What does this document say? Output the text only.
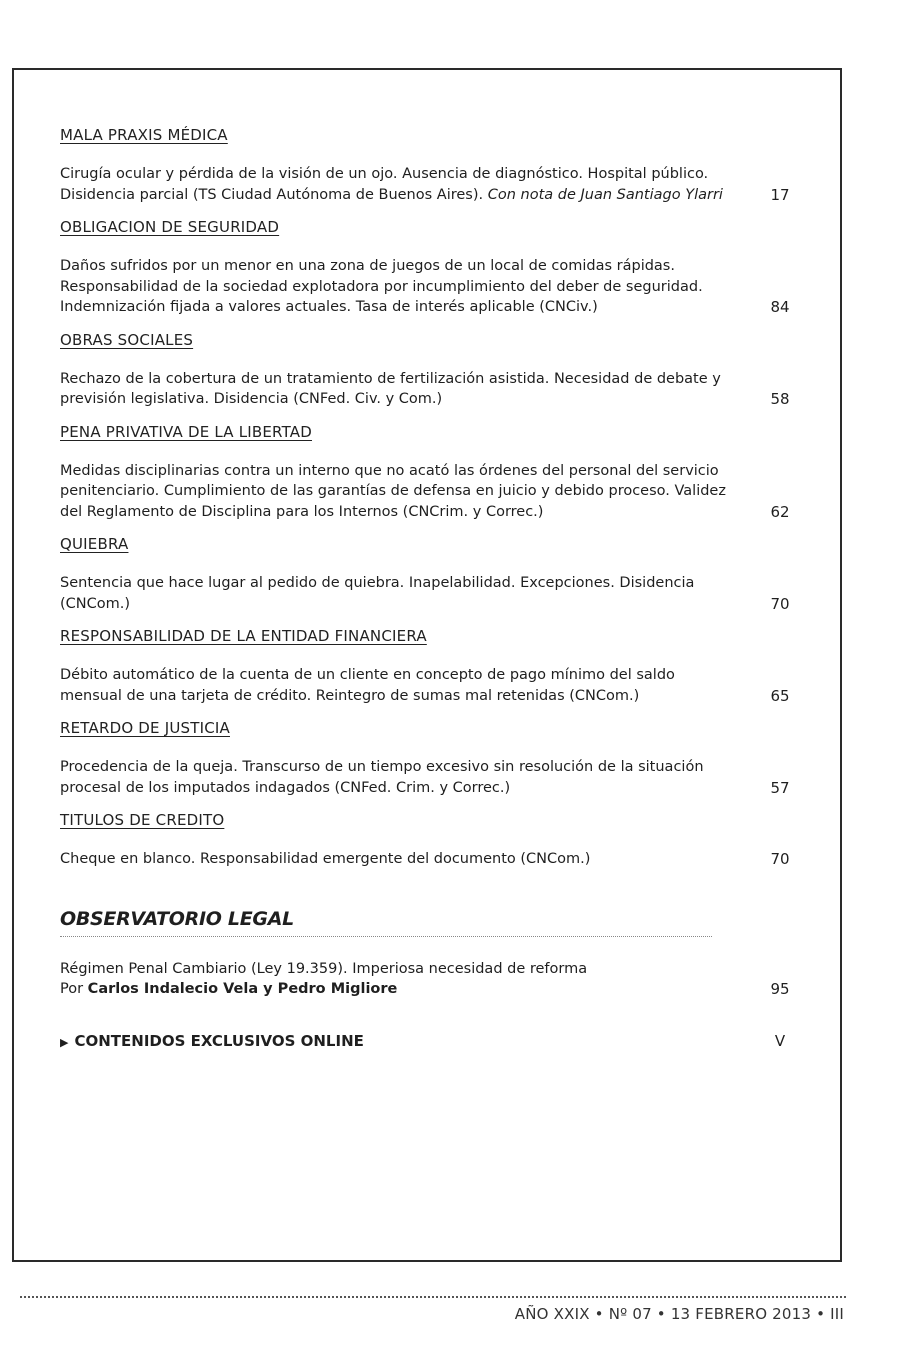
MALA PRAXIS MÉDICA
Cirugía ocular y pérdida de la visión de un ojo. Ausencia de diagnóstico. Hospital público.
Disidencia parcial (TS Ciudad Autónoma de Buenos Aires). Con nota de Juan Santiago Ylarri	17
OBLIGACION DE SEGURIDAD
Daños sufridos por un menor en una zona de juegos de un local de comidas rápidas. Responsabilidad de la sociedad explotadora por incumplimiento del deber de seguridad. Indemnización fijada a valores actuales. Tasa de interés aplicable (CNCiv.)	84
OBRAS SOCIALES
Rechazo de la cobertura de un tratamiento de fertilización asistida. Necesidad de debate y previsión legislativa. Disidencia (CNFed. Civ. y Com.)	58
PENA PRIVATIVA DE LA LIBERTAD
Medidas disciplinarias contra un interno que no acató las órdenes del personal del servicio penitenciario. Cumplimiento de las garantías de defensa en juicio y debido proceso. Validez del Reglamento de Disciplina para los Internos (CNCrim. y Correc.)	62
QUIEBRA
Sentencia que hace lugar al pedido de quiebra. Inapelabilidad. Excepciones. Disidencia (CNCom.)	70
RESPONSABILIDAD DE LA ENTIDAD FINANCIERA
Débito automático de la cuenta de un cliente en concepto de pago mínimo del saldo mensual de una tarjeta de crédito. Reintegro de sumas mal retenidas (CNCom.)	65
RETARDO DE JUSTICIA
Procedencia de la queja. Transcurso de un tiempo excesivo sin resolución de la situación procesal de los imputados indagados (CNFed. Crim. y Correc.)	57
TITULOS DE CREDITO
Cheque en blanco. Responsabilidad emergente del documento (CNCom.)	70
OBSERVATORIO LEGAL
Régimen Penal Cambiario (Ley 19.359). Imperiosa necesidad de reforma
Por Carlos Indalecio Vela y Pedro Migliore	95
▶ CONTENIDOS EXCLUSIVOS ONLINE	V
AÑO XXIX • Nº 07 • 13 FEBRERO 2013 • III
